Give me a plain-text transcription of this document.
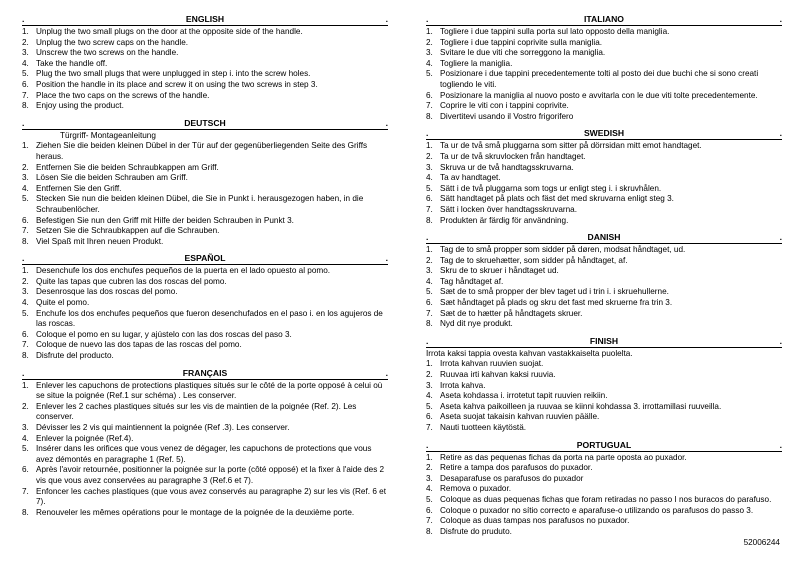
.	ENGLISH	.
1. Unplug the two small plugs on the door at the opposite side of the handle.
2. Unplug the two screw caps on the handle.
3. Unscrew the two screws on the handle.
4. Take the handle off.
5. Plug the two small plugs that were unplugged in step i. into the screw holes.
6. Position the handle in its place and screw it on using the two screws in step 3.
7. Place the two caps on the screws of the handle.
8. Enjoy using the product.
.	DEUTSCH	.
Türgriff- Montageanleitung
1. Ziehen Sie die beiden kleinen Dübel in der Tür auf der gegenüberliegenden Seite des Griffs heraus.
2. Entfernen Sie die beiden Schraubkappen am Griff.
3. Lösen Sie die beiden Schrauben am Griff.
4. Entfernen Sie den Griff.
5. Stecken Sie nun die beiden kleinen Dübel, die Sie in Punkt i. herausgezogen haben, in die Schraubenlöcher.
6. Befestigen Sie nun den Griff mit Hilfe der beiden Schrauben in Punkt 3.
7. Setzen Sie die Schraubkappen auf die Schrauben.
8. Viel Spaß mit Ihren neuen Produkt.
.	ESPAÑOL	.
1. Desenchufe los dos enchufes pequeños de la puerta en el lado opuesto al pomo.
2. Quite las tapas que cubren las dos roscas del pomo.
3. Desenrosque las dos roscas del pomo.
4. Quite el pomo.
5. Enchufe los dos enchufes pequeños que fueron desenchufados en el paso i. en los agujeros de las roscas.
6. Coloque el pomo en su lugar, y ajústelo con las dos roscas del paso 3.
7. Coloque de nuevo las dos tapas de las roscas del pomo.
8. Disfrute del producto.
.	FRANÇAIS	.
1. Enlever les capuchons de protections plastiques situés sur le côté de la porte opposé à celui où se situe la poignée (Ref.1 sur schéma) . Les conserver.
2. Enlever les 2 caches plastiques situés sur les vis de maintien de la poignée (Ref. 2). Les conserver.
3. Dévisser les 2 vis qui maintiennent la poignée (Ref .3). Les conserver.
4. Enlever la poignée (Ref.4).
5. Insérer dans les orifices que vous venez de dégager, les capuchons de protections que vous avez démontés en paragraphe 1 (Ref. 5).
6. Après l'avoir retournée, positionner la poignée sur la porte (côté opposé) et la fixer à l'aide des 2 vis que vous avez conservées au paragraphe 3 (Ref.6 et 7).
7. Enfoncer les caches plastiques (que vous avez conservés au paragraphe 2) sur les vis (Ref. 6 et 7).
8. Renouveler les mêmes opérations pour le montage de la poignée de la deuxième porte.
.	ITALIANO	.
1. Togliere i due tappini sulla porta sul lato opposto della maniglia.
2. Togliere i due tappini coprivite sulla maniglia.
3. Svitare le due viti che sorreggono la maniglia.
4. Togliere la maniglia.
5. Posizionare i due tappini precedentemente tolti al posto dei due buchi che si sono creati togliendo le viti.
6. Posizionare la maniglia al nuovo posto e avvitarla con le due viti tolte precedentemente.
7. Coprire le viti con i tappini coprivite.
8. Divertitevi usando il Vostro frigorifero
.	SWEDISH	.
1. Ta ur de två små pluggarna som sitter på dörrsidan mitt emot handtaget.
2. Ta ur de två skruvlocken från handtaget.
3. Skruva ur de två handtagsskruvarna.
4. Ta av handtaget.
5. Sätt i de två pluggarna som togs ur enligt steg i. i skruvhålen.
6. Sätt handtaget på plats och fäst det med skruvarna enligt steg 3.
7. Sätt i locken över handtagsskruvarna.
8. Produkten är färdig för användning.
.	DANISH	.
1. Tag de to små propper som sidder på døren, modsat håndtaget, ud.
2. Tag de to skruehætter, som sidder på håndtaget, af.
3. Skru de to skruer i håndtaget ud.
4. Tag håndtaget af.
5. Sæt de to små propper der blev taget ud i trin i. i skruehullerne.
6. Sæt håndtaget på plads og skru det fast med skruerne fra trin 3.
7. Sæt de to hætter på håndtagets skruer.
8. Nyd dit nye produkt.
.	FINISH	.
Irrota kaksi tappia ovesta kahvan vastakkaiselta puolelta.
1. Irrota kahvan ruuvien suojat.
2. Ruuvaa irti kahvan kaksi ruuvia.
3. Irrota kahva.
4. Aseta kohdassa i. irrotetut tapit ruuvien reikiin.
5. Aseta kahva paikoilleen ja ruuvaa se kiinni kohdassa 3. irrottamillasi ruuveilla.
6. Aseta suojat takaisin kahvan ruuvien päälle.
7. Nauti tuotteen käytöstä.
.	PORTUGUAL	.
1. Retire as das pequenas fichas da porta na parte oposta ao puxador.
2. Retire a tampa dos parafusos do puxador.
3. Desaparafuse os parafusos do puxador
4. Remova o puxador.
5. Coloque as duas pequenas fichas que foram retiradas no passo I nos buracos do parafuso.
6. Coloque o puxador no sítio correcto e aparafuse-o utilizando os parafusos do passo 3.
7. Coloque as duas tampas nos parafusos no puxador.
8. Disfrute do pruduto.
52006244
